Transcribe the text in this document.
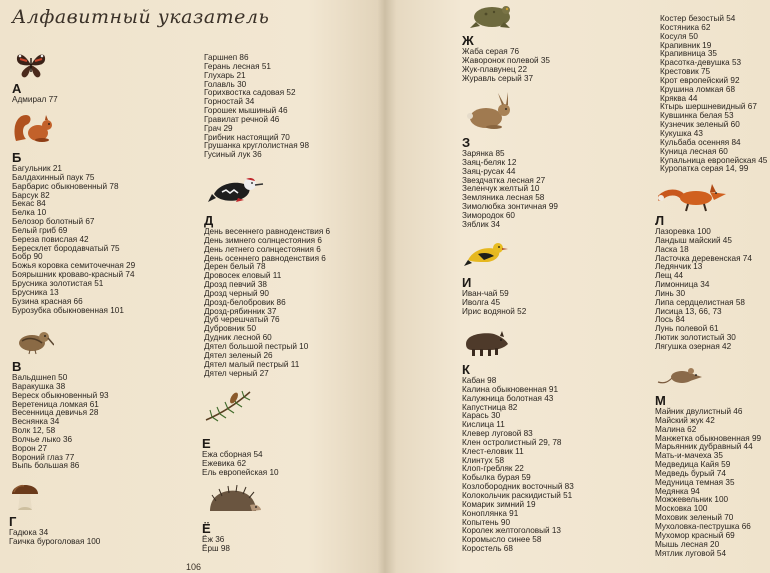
Алфавитный указатель
А
Адмирал 77
Б
Багульник 21
Балдахинный паук 75
Барбарис обыкновенный 78
Барсук 82
Бекас 84
Белка 10
Белозор болотный 67
Белый гриб 69
Береза повислая 42
Бересклет бородавчатый 75
Бобр 90
Божья коровка семиточечная 29
Боярышник кроваво-красный 74
Брусника золотистая 51
Брусника 13
Бузина красная 66
Бурозубка обыкновенная 101
В
Вальдшнеп 50
Варакушка 38
Вереск обыкновенный 93
Веретеница ломкая 61
Весенница девичья 28
Веснянка 34
Волк 12, 58
Волчье лыко 36
Ворон 27
Вороний глаз 77
Выпь большая 86
Г
Гадюка 34
Гаичка буроголовая 100
Гаршнеп 86
Герань лесная 51
Глухарь 21
Голавль 30
Горихвостка садовая 52
Горностай 34
Горошек мышиный 46
Гравилат речной 46
Грач 29
Грибник настоящий 70
Грушанка круглолистная 98
Гусиный лук 36
Д
День весеннего равноденствия 6
День зимнего солнцестояния 6
День летнего солнцестояния 6
День осеннего равноденствия 6
Дерен белый 78
Дровосек еловый 11
Дрозд певчий 38
Дрозд черный 90
Дрозд-белобровик 86
Дрозд-рябинник 37
Дуб черешчатый 76
Дубровник 50
Дудник лесной 60
Дятел большой пестрый 10
Дятел зеленый 26
Дятел малый пестрый 11
Дятел черный 27
Е
Ежа сборная 54
Ежевика 62
Ель европейская 10
Ё
Ёж 36
Ёрш 98
106
Ж
Жаба серая 76
Жаворонок полевой 35
Жук-плавунец 22
Журавль серый 37
З
Зарянка 85
Заяц-беляк 12
Заяц-русак 44
Звездчатка лесная 27
Зеленчук желтый 10
Земляника лесная 58
Зимолюбка зонтичная 99
Зимородок 60
Зяблик 34
И
Иван-чай 59
Иволга 45
Ирис водяной 52
К
Кабан 98
Калина обыкновенная 91
Калужница болотная 43
Капустница 82
Карась 30
Кислица 11
Клевер луговой 83
Клен остролистный 29, 78
Клест-еловик 11
Клинтух 58
Клоп-гребляк 22
Кобылка бурая 59
Козлобородник восточный 83
Колокольчик раскидистый 51
Комарик зимний 19
Коноплянка 91
Копытень 90
Королек желтоголовый 13
Коромысло синее 58
Коростель 68
Костер безостый 54
Костяника 62
Косуля 50
Крапивник 19
Крапивница 35
Красотка-девушка 53
Крестовик 75
Крот европейский 92
Крушина ломкая 68
Кряква 44
Ктырь шершневидный 67
Кувшинка белая 53
Кузнечик зеленый 60
Кукушка 43
Кульбаба осенняя 84
Куница лесная 60
Купальница европейская 45
Куропатка серая 14, 99
Л
Лазоревка 100
Ландыш майский 45
Ласка 18
Ласточка деревенская 74
Ледянчик 13
Лещ 44
Лимонница 34
Линь 30
Липа сердцелистная 58
Лисица 13, 66, 73
Лось 84
Лунь полевой 61
Лютик золотистый 30
Лягушка озерная 42
М
Майник двулистный 46
Майский жук 42
Малина 62
Манжетка обыкновенная 99
Марьянник дубравный 44
Мать-и-мачеха 35
Медведица Кайя 59
Медведь бурый 74
Медуница темная 35
Медянка 94
Можжевельник 100
Московка 100
Моховик зеленый 70
Мухоловка-пеструшка 66
Мухомор красный 69
Мышь лесная 20
Мятлик луговой 54
